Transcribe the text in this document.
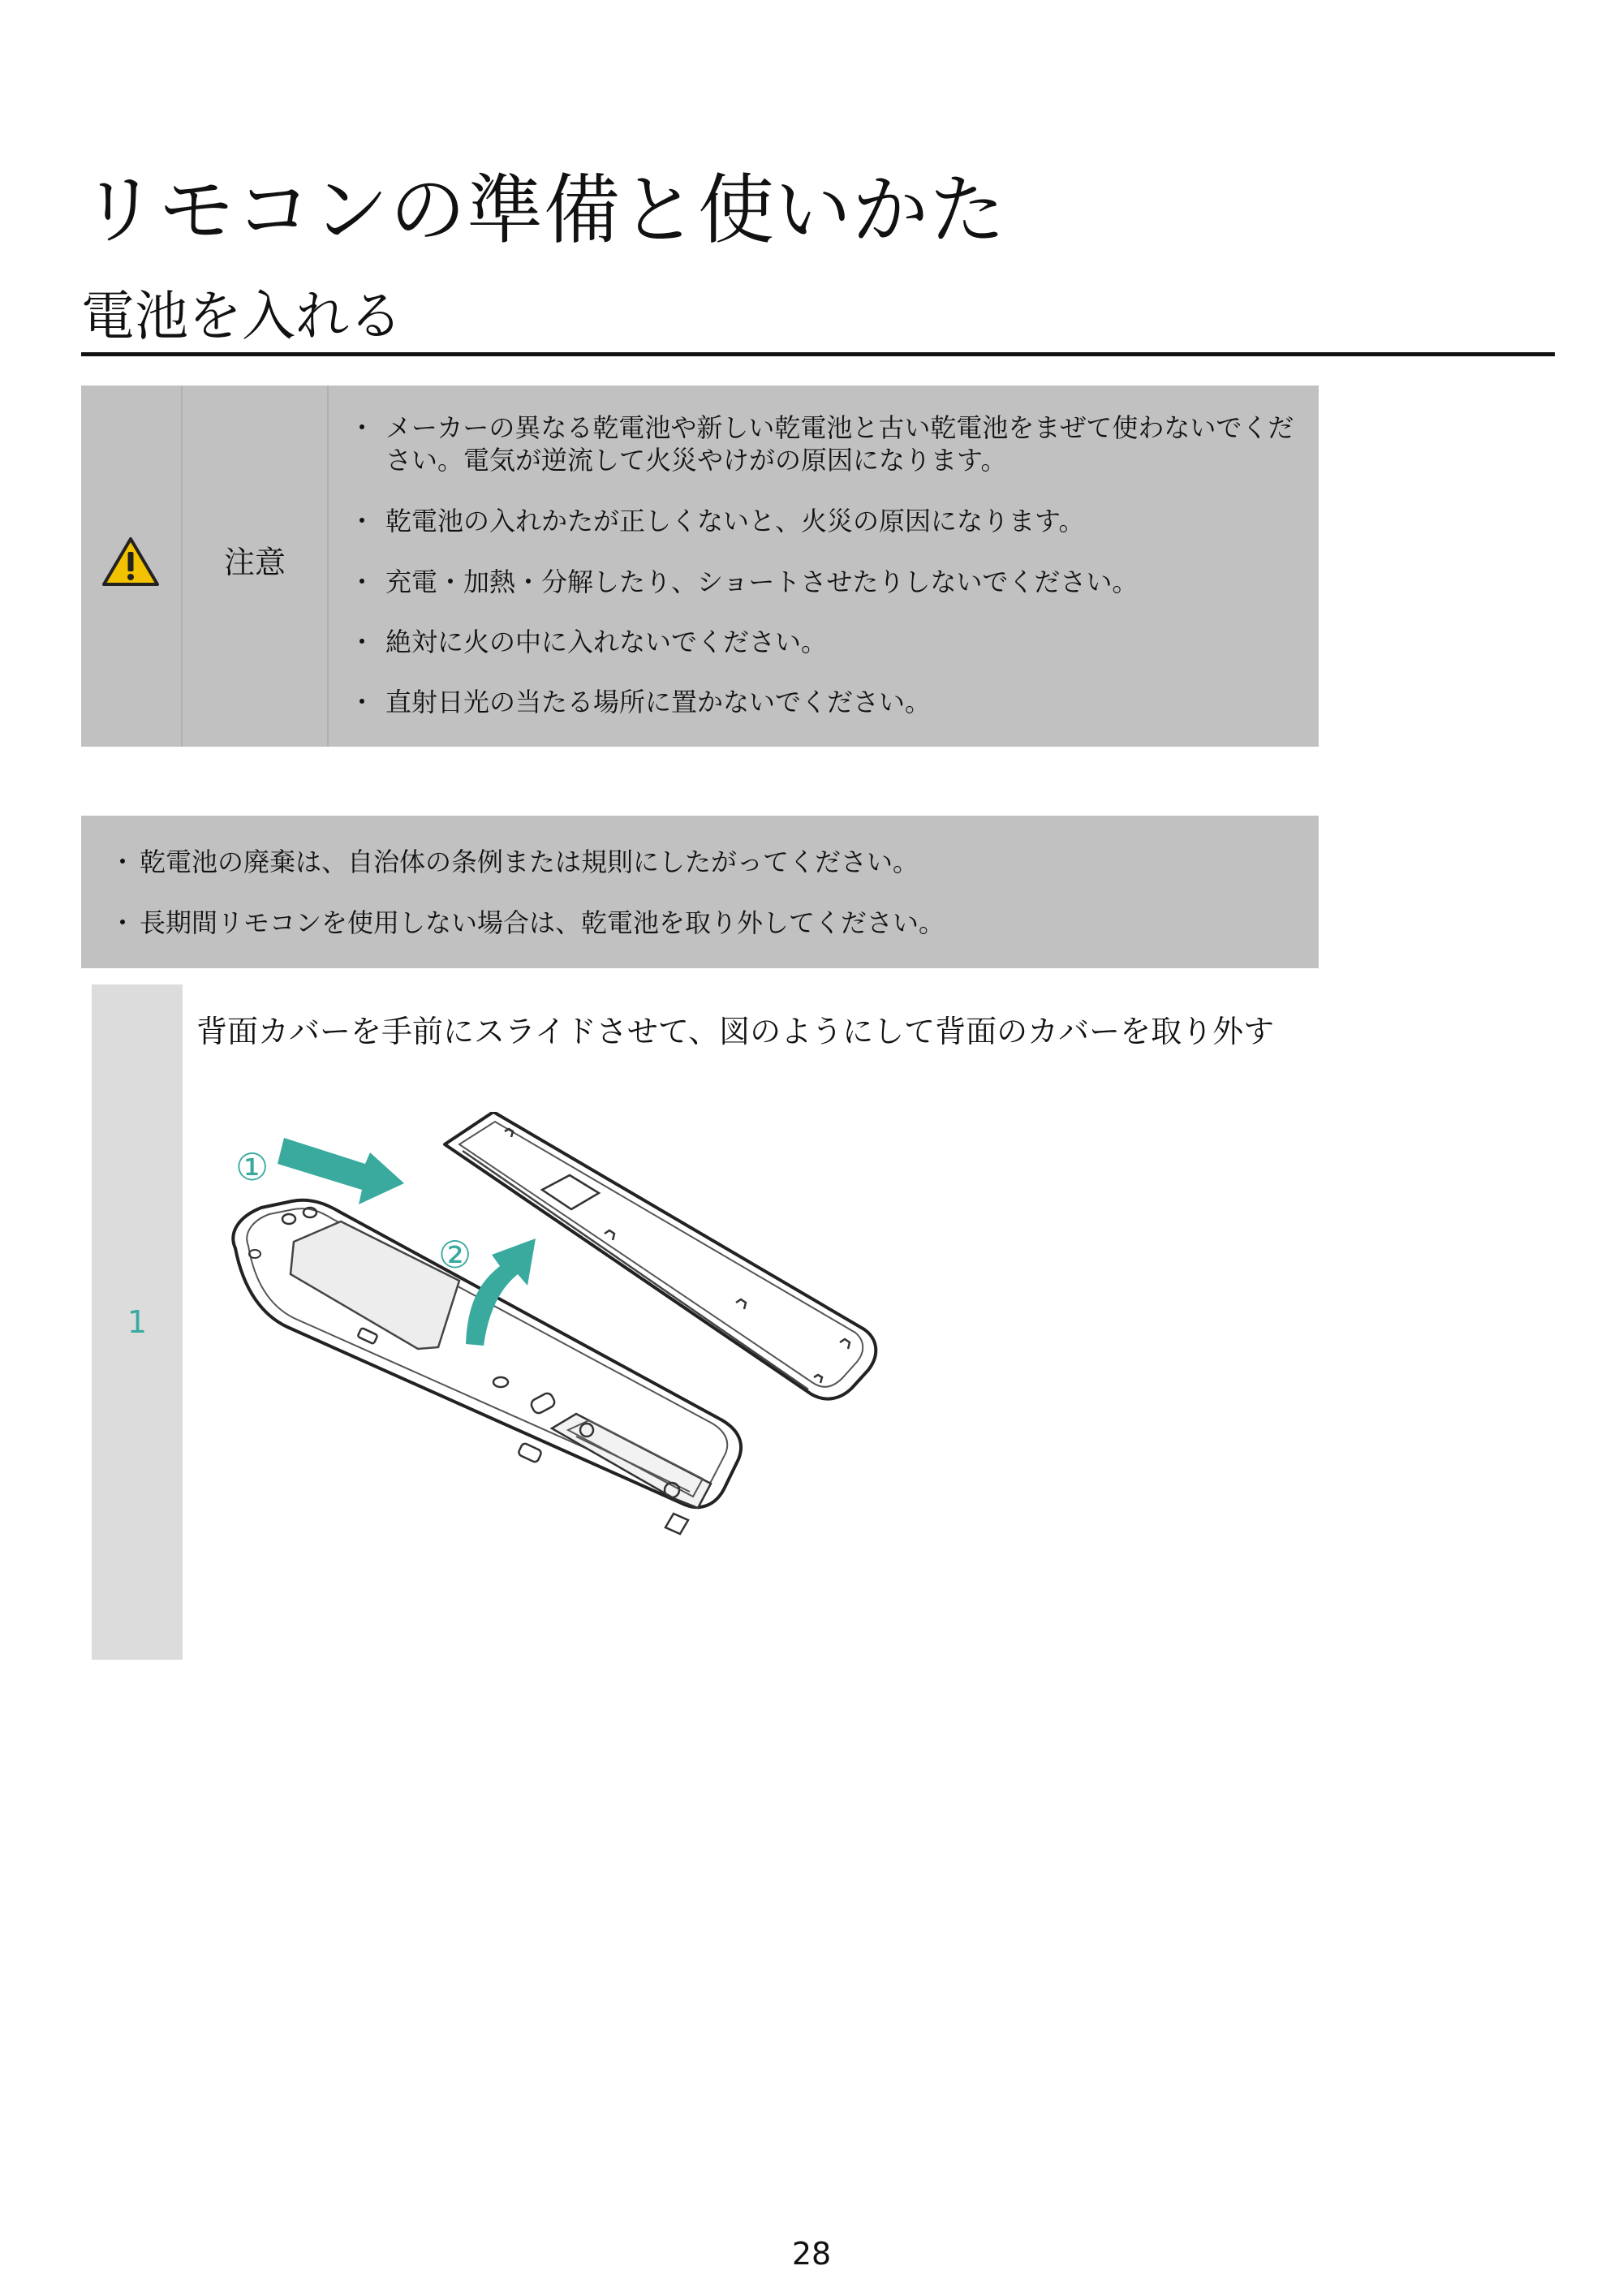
リモコンの準備と使いかた
電池を入れる
注意
・ メーカーの異なる乾電池や新しい乾電池と古い乾電池をまぜて使わないでください。電気が逆流して火災やけがの原因になります。
・ 乾電池の入れかたが正しくないと、火災の原因になります。
・ 充電・加熱・分解したり、ショートさせたりしないでください。
・ 絶対に火の中に入れないでください。
・ 直射日光の当たる場所に置かないでください。
・ 乾電池の廃棄は、自治体の条例または規則にしたがってください。
・ 長期間リモコンを使用しない場合は、乾電池を取り外してください。
1
背面カバーを手前にスライドさせて、図のようにして背面のカバーを取り外す
①
②
28
